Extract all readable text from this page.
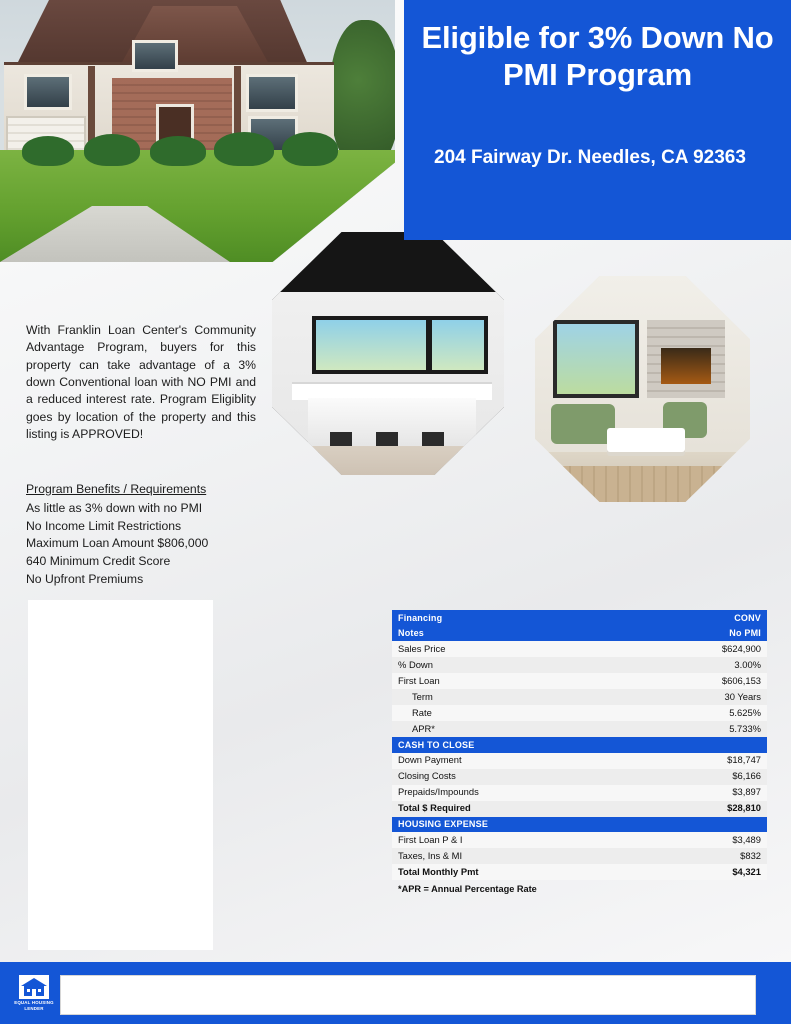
Eligible for 3% Down No PMI Program
204 Fairway Dr. Needles, CA 92363
With Franklin Loan Center's Community Advantage Program, buyers for this property can take advantage of a 3% down Conventional loan with NO PMI and a reduced interest rate. Program Eligiblity goes by location of the property and this listing is APPROVED!
Program Benefits / Requirements
As little as 3% down with no PMI
No Income Limit Restrictions
Maximum Loan Amount $806,000
640 Minimum Credit Score
No Upfront Premiums
Financing	CONV
Notes	No PMI
Sales Price	$624,900
% Down	3.00%
First Loan	$606,153
Term	30 Years
Rate	5.625%
APR*	5.733%
CASH TO CLOSE
Down Payment	$18,747
Closing Costs	$6,166
Prepaids/Impounds	$3,897
Total $ Required	$28,810
HOUSING EXPENSE
First Loan P & I	$3,489
Taxes, Ins & MI	$832
Total Monthly Pmt	$4,321
*APR = Annual Percentage Rate
EQUAL HOUSING
LENDER
